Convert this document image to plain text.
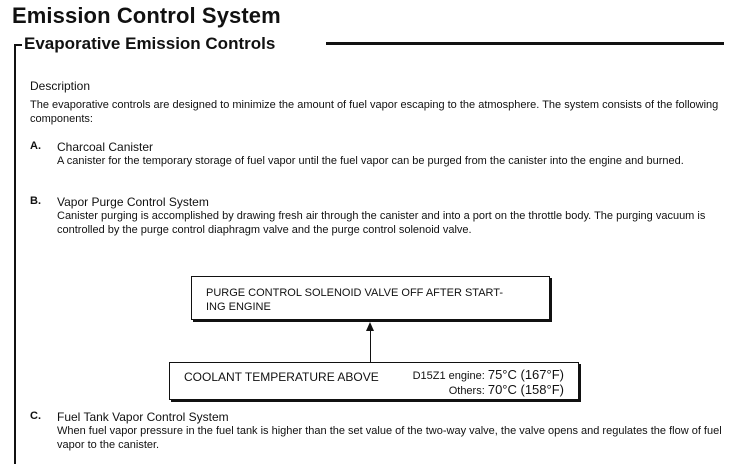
Emission Control System
Evaporative Emission Controls
Description
The evaporative controls are designed to minimize the amount of fuel vapor escaping to the atmosphere. The system consists of the following components:
A. Charcoal Canister
A canister for the temporary storage of fuel vapor until the fuel vapor can be purged from the canister into the engine and burned.
B. Vapor Purge Control System
Canister purging is accomplished by drawing fresh air through the canister and into a port on the throttle body. The purging vacuum is controlled by the purge control diaphragm valve and the purge control solenoid valve.
PURGE CONTROL SOLENOID VALVE OFF AFTER START-
ING ENGINE
COOLANT TEMPERATURE ABOVE	D15Z1 engine: 75°C (167°F)
Others: 70°C (158°F)
C. Fuel Tank Vapor Control System
When fuel vapor pressure in the fuel tank is higher than the set value of the two-way valve, the valve opens and regulates the flow of fuel vapor to the canister.
